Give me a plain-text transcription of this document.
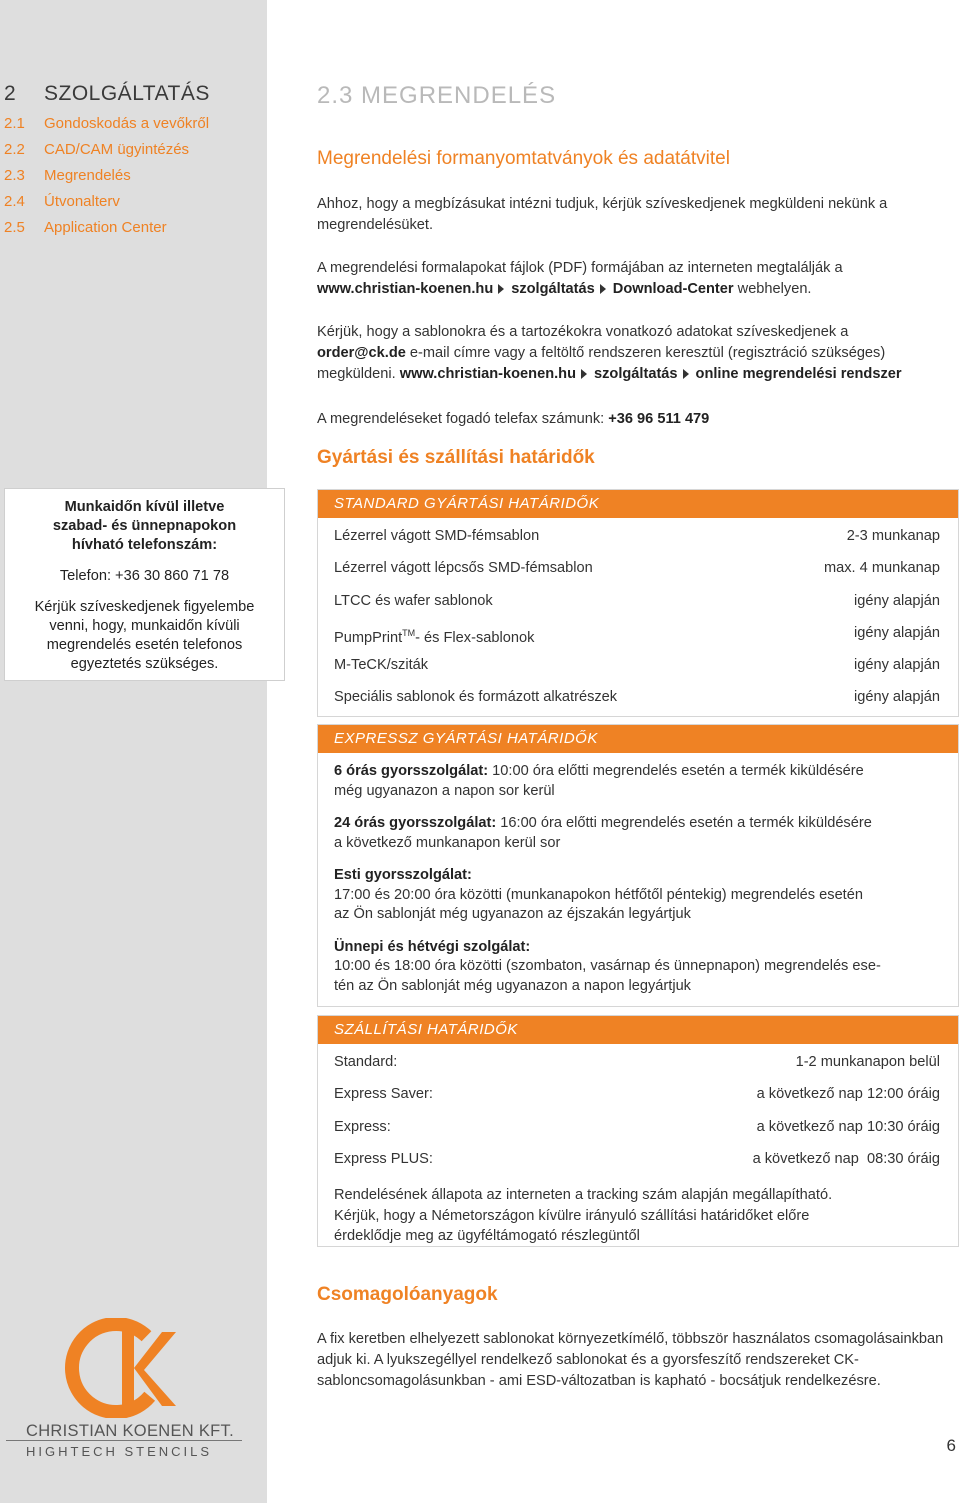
2	SZOLGÁLTATÁS
2.1	Gondoskodás a vevőkről
2.2	CAD/CAM ügyintézés
2.3	Megrendelés
2.4	Útvonalterv
2.5	Application Center

Munkaidőn kívül illetve

szabad- és ünnepnapokon

hívható telefonszám:

Telefon: +36 30 860 71 78

Kérjük szíveskedjenek figyelembe

venni, hogy, munkaidőn kívüli

megrendelés esetén telefonos

egyeztetés szükséges.

CHRISTIAN KOENEN KFT.
HIGHTECH STENCILS
2.3 MEGRENDELÉS
Megrendelési formanyomtatványok és adatátvitel
Ahhoz, hogy a megbízásukat intézni tudjuk, kérjük szíveskedjenek megküldeni nekünk a megrendelésüket.
A megrendelési formalapokat fájlok (PDF) formájában az interneten megtalálják a
www.christian-koenen.hu szolgáltatás Download-Center webhelyen.
Kérjük, hogy a sablonokra és a tartozékokra vonatkozó adatokat szíveskedjenek a
order@ck.de e-mail címre vagy a feltöltő rendszeren keresztül (regisztráció szükséges) megküldeni. www.christian-koenen.hu szolgáltatás online megrendelési rendszer
A megrendeléseket fogadó telefax számunk: +36 96 511 479
Gyártási és szállítási határidők
STANDARD GYÁRTÁSI HATÁRIDŐK
Lézerrel vágott SMD-fémsablon	2-3 munkanap
Lézerrel vágott lépcsős SMD-fémsablon	max. 4 munkanap
LTCC és wafer sablonok	igény alapján
PumpPrint™- és Flex-sablonok	igény alapján
M-TeCK/sziták	igény alapján
Speciális sablonok és formázott alkatrészek	igény alapján
EXPRESSZ GYÁRTÁSI HATÁRIDŐK
6 órás gyorsszolgálat: 10:00 óra előtti megrendelés esetén a termék kiküldésére
még ugyanazon a napon sor kerül
24 órás gyorsszolgálat: 16:00 óra előtti megrendelés esetén a termék kiküldésére
a következő munkanapon kerül sor
Esti gyorsszolgálat:
17:00 és 20:00 óra közötti (munkanapokon hétfőtől péntekig) megrendelés esetén
az Ön sablonját még ugyanazon az éjszakán legyártjuk
Ünnepi és hétvégi szolgálat:
10:00 és 18:00 óra közötti (szombaton, vasárnap és ünnepnapon) megrendelés ese-
tén az Ön sablonját még ugyanazon a napon legyártjuk
SZÁLLÍTÁSI HATÁRIDŐK
Standard:	1-2 munkanapon belül
Express Saver:	a következő nap 12:00 óráig
Express:	a következő nap 10:30 óráig
Express PLUS:	a következő nap  08:30 óráig
Rendelésének állapota az interneten a tracking szám alapján megállapítható.
Kérjük, hogy a Németországon kívülre irányuló szállítási határidőket előre
érdeklődje meg az ügyféltámogató részlegüntől
Csomagolóanyagok
A fix keretben elhelyezett sablonokat környezetkímélő, többször használatos csomagolásainkban adjuk ki. A lyukszegéllyel rendelkező sablonokat és a gyorsfeszítő rendszereket CK-sabloncsomagolásunkban - ami ESD-változatban is kapható - bocsátjuk rendelkezésre.
6
